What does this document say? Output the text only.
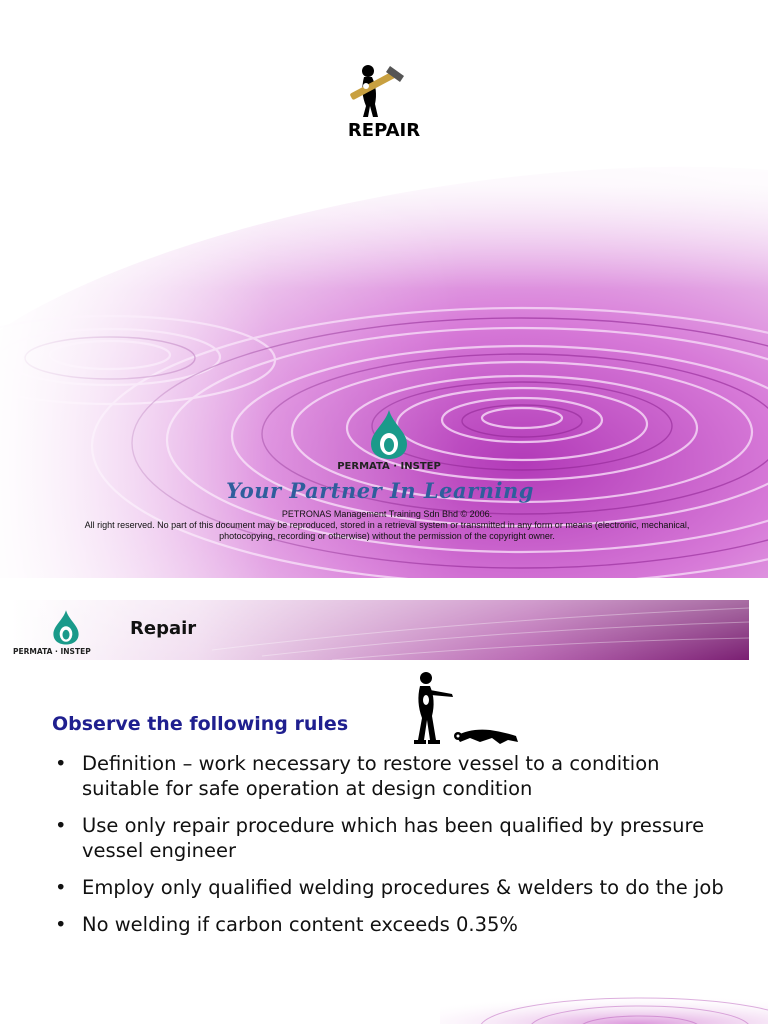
REPAIR
PERMATA · INSTEP
Your Partner In Learning
PETRONAS Management Training Sdn Bhd © 2006.
All right reserved. No part of this document may be reproduced, stored in a retrieval system or transmitted in any form or means (electronic, mechanical,
photocopying, recording or otherwise) without the permission of the copyright owner.
PERMATA · INSTEP
Repair
Observe the following rules
• Definition – work necessary to restore vessel to a condition suitable for safe operation at design condition
• Use only repair procedure which has been qualified by pressure vessel engineer
• Employ only qualified welding procedures & welders to do the job
• No welding if carbon content exceeds 0.35%
